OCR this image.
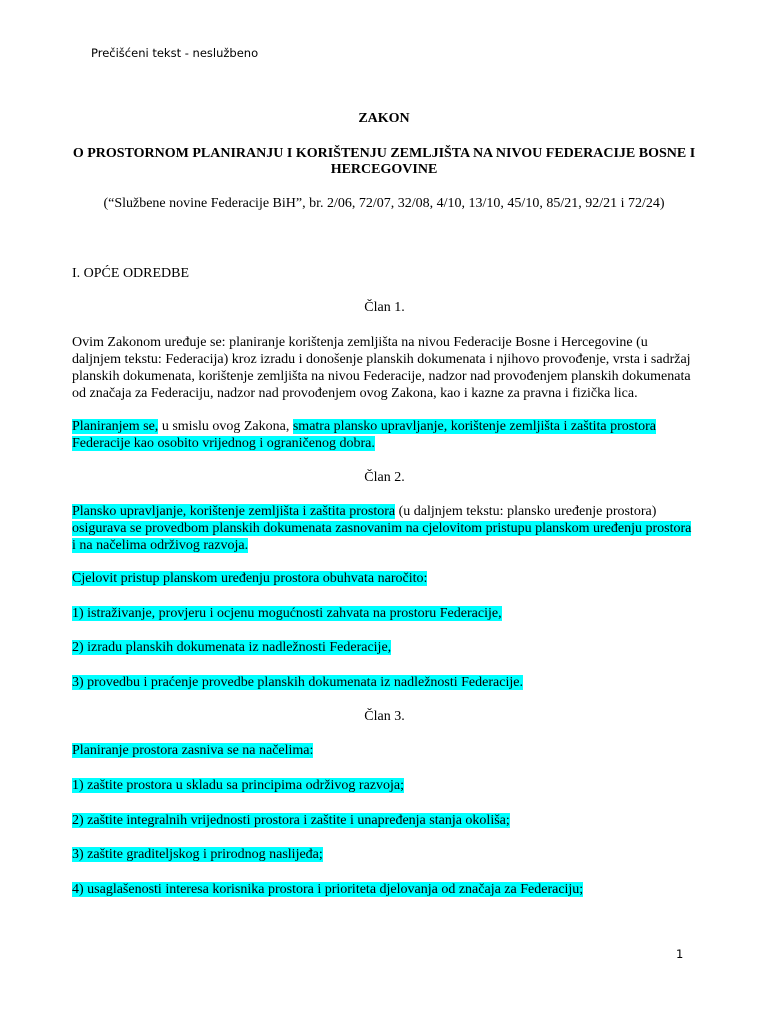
Prečišćeni tekst - neslužbeno
ZAKON
O PROSTORNOM PLANIRANJU I KORIŠTENJU ZEMLJIŠTA NA NIVOU FEDERACIJE BOSNE I HERCEGOVINE
(“Službene novine Federacije BiH”, br. 2/06, 72/07, 32/08, 4/10, 13/10, 45/10, 85/21, 92/21 i 72/24)
I. OPĆE ODREDBE
Član 1.
Ovim Zakonom uređuje se: planiranje korištenja zemljišta na nivou Federacije Bosne i Hercegovine (u daljnjem tekstu: Federacija) kroz izradu i donošenje planskih dokumenata i njihovo provođenje, vrsta i sadržaj planskih dokumenata, korištenje zemljišta na nivou Federacije, nadzor nad provođenjem planskih dokumenata od značaja za Federaciju, nadzor nad provođenjem ovog Zakona, kao i kazne za pravna i fizička lica.
Planiranjem se, u smislu ovog Zakona, smatra plansko upravljanje, korištenje zemljišta i zaštita prostora Federacije kao osobito vrijednog i ograničenog dobra.
Član 2.
Plansko upravljanje, korištenje zemljišta i zaštita prostora (u daljnjem tekstu: plansko uređenje prostora) osigurava se provedbom planskih dokumenata zasnovanim na cjelovitom pristupu planskom uređenju prostora i na načelima održivog razvoja.
Cjelovit pristup planskom uređenju prostora obuhvata naročito:
1) istraživanje, provjeru i ocjenu mogućnosti zahvata na prostoru Federacije,
2) izradu planskih dokumenata iz nadležnosti Federacije,
3) provedbu i praćenje provedbe planskih dokumenata iz nadležnosti Federacije.
Član 3.
Planiranje prostora zasniva se na načelima:
1) zaštite prostora u skladu sa principima održivog razvoja;
2) zaštite integralnih vrijednosti prostora i zaštite i unapređenja stanja okoliša;
3) zaštite graditeljskog i prirodnog naslijeđa;
4) usaglašenosti interesa korisnika prostora i prioriteta djelovanja od značaja za Federaciju;
1
